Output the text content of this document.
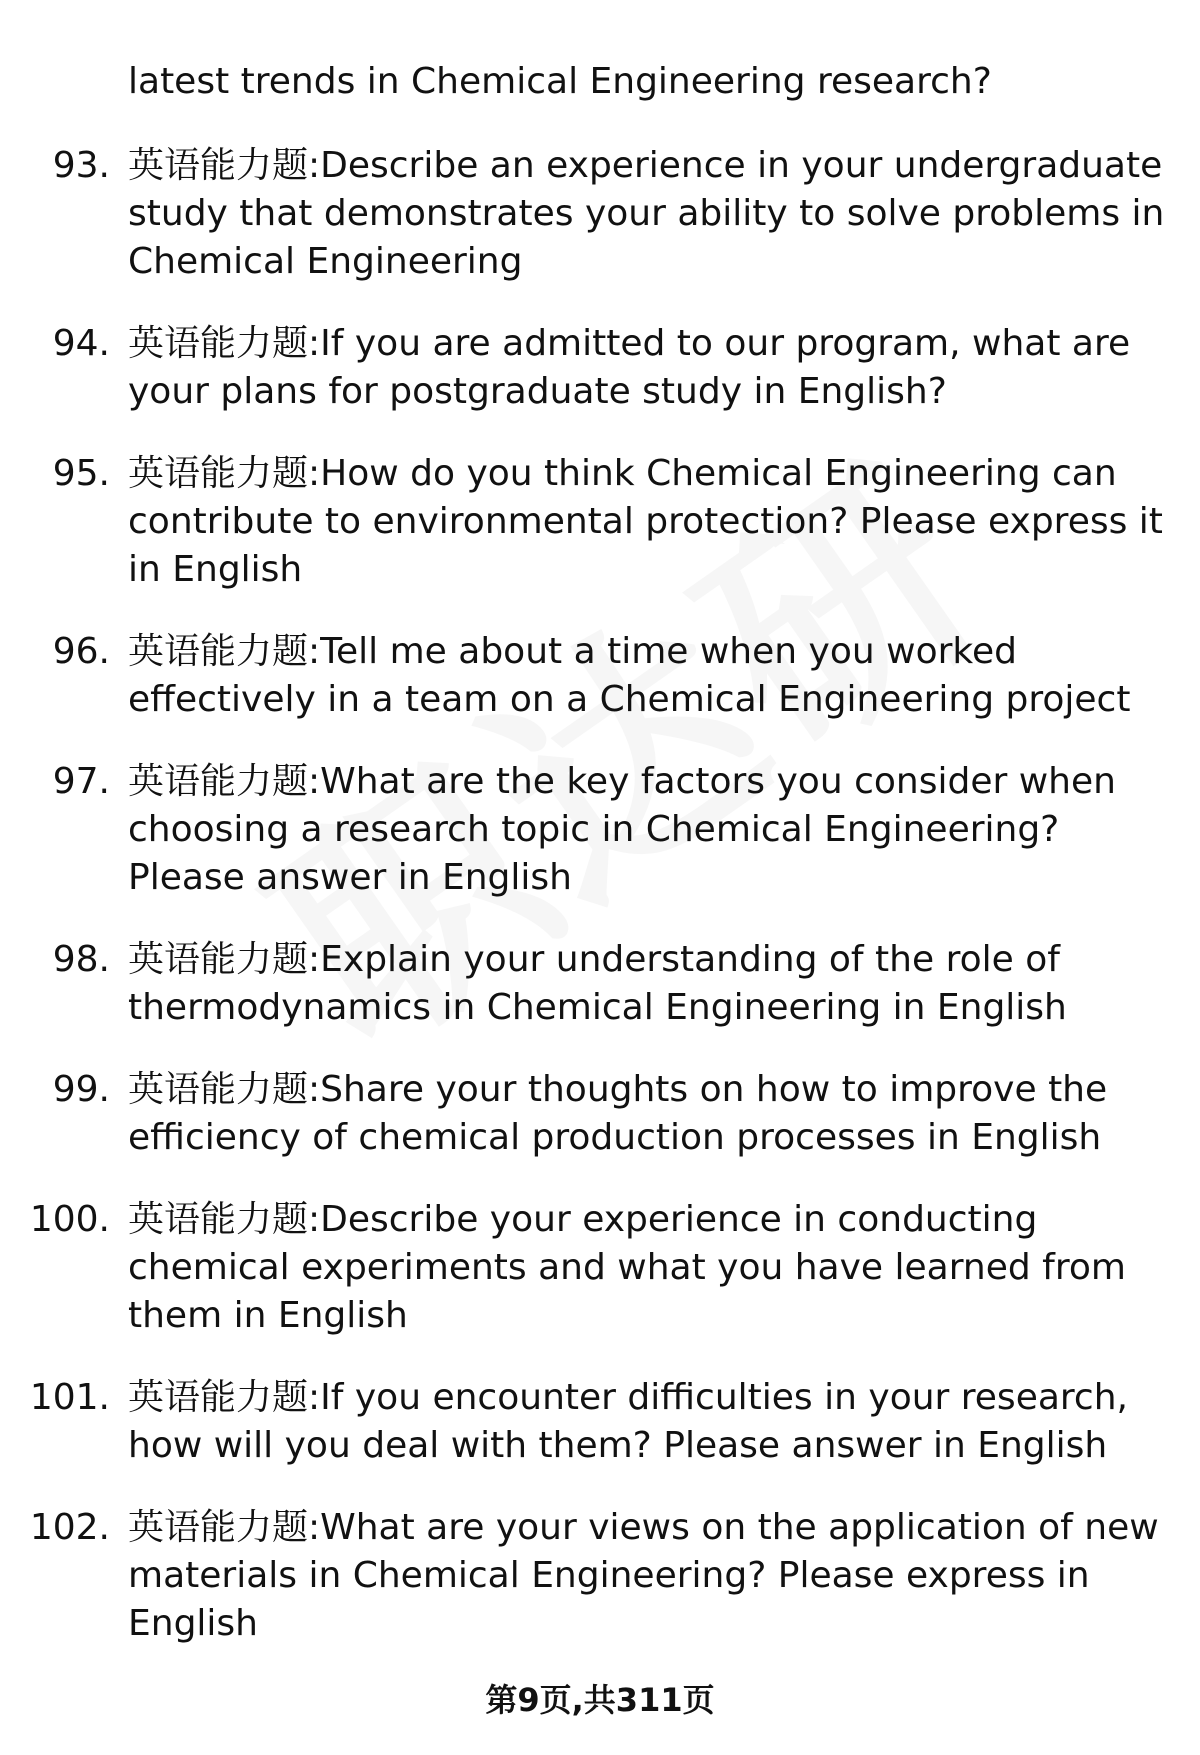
latest trends in Chemical Engineering research?
93. 英语能力题:Describe an experience in your undergraduate study that demonstrates your ability to solve problems in Chemical Engineering
94. 英语能力题:If you are admitted to our program, what are your plans for postgraduate study in English?
95. 英语能力题:How do you think Chemical Engineering can contribute to environmental protection? Please express it in English
96. 英语能力题:Tell me about a time when you worked effectively in a team on a Chemical Engineering project
97. 英语能力题:What are the key factors you consider when choosing a research topic in Chemical Engineering? Please answer in English
98. 英语能力题:Explain your understanding of the role of thermodynamics in Chemical Engineering in English
99. 英语能力题:Share your thoughts on how to improve the efficiency of chemical production processes in English
100. 英语能力题:Describe your experience in conducting chemical experiments and what you have learned from them in English
101. 英语能力题:If you encounter difficulties in your research, how will you deal with them? Please answer in English
102. 英语能力题:What are your views on the application of new materials in Chemical Engineering? Please express in English
第9页,共311页
